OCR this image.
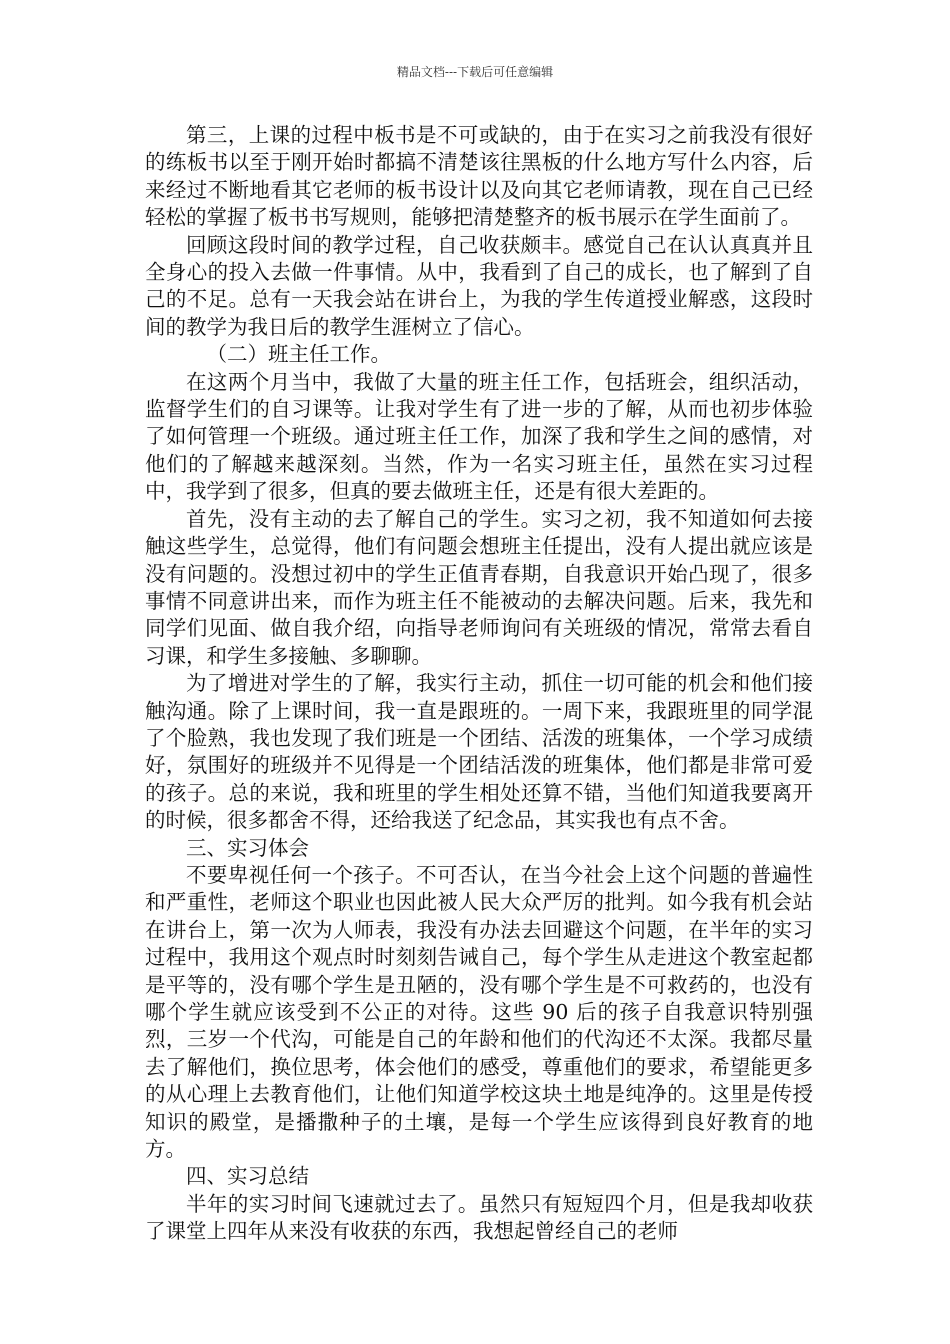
精品文档---下载后可任意编辑

第三，上课的过程中板书是不可或缺的，由于在实习之前我没有很好的练板书以至于刚开始时都搞不清楚该往黑板的什么地方写什么内容，后来经过不断地看其它老师的板书设计以及向其它老师请教，现在自己已经轻松的掌握了板书书写规则，能够把清楚整齐的板书展示在学生面前了。

回顾这段时间的教学过程，自己收获颇丰。感觉自己在认认真真并且全身心的投入去做一件事情。从中，我看到了自己的成长，也了解到了自己的不足。总有一天我会站在讲台上，为我的学生传道授业解惑，这段时间的教学为我日后的教学生涯树立了信心。

（二）班主任工作。

在这两个月当中，我做了大量的班主任工作，包括班会，组织活动，监督学生们的自习课等。让我对学生有了进一步的了解，从而也初步体验了如何管理一个班级。通过班主任工作，加深了我和学生之间的感情，对他们的了解越来越深刻。当然，作为一名实习班主任，虽然在实习过程中，我学到了很多，但真的要去做班主任，还是有很大差距的。

首先，没有主动的去了解自己的学生。实习之初，我不知道如何去接触这些学生，总觉得，他们有问题会想班主任提出，没有人提出就应该是没有问题的。没想过初中的学生正值青春期，自我意识开始凸现了，很多事情不同意讲出来，而作为班主任不能被动的去解决问题。后来，我先和同学们见面、做自我介绍，向指导老师询问有关班级的情况，常常去看自习课，和学生多接触、多聊聊。

为了增进对学生的了解，我实行主动，抓住一切可能的机会和他们接触沟通。除了上课时间，我一直是跟班的。一周下来，我跟班里的同学混了个脸熟，我也发现了我们班是一个团结、活泼的班集体，一个学习成绩好，氛围好的班级并不见得是一个团结活泼的班集体，他们都是非常可爱的孩子。总的来说，我和班里的学生相处还算不错，当他们知道我要离开的时候，很多都舍不得，还给我送了纪念品，其实我也有点不舍。

三、实习体会

不要卑视任何一个孩子。不可否认，在当今社会上这个问题的普遍性和严重性，老师这个职业也因此被人民大众严厉的批判。如今我有机会站在讲台上，第一次为人师表，我没有办法去回避这个问题，在半年的实习过程中，我用这个观点时时刻刻告诫自己，每个学生从走进这个教室起都是平等的，没有哪个学生是丑陋的，没有哪个学生是不可救药的，也没有哪个学生就应该受到不公正的对待。这些 90 后的孩子自我意识特别强烈，三岁一个代沟，可能是自己的年龄和他们的代沟还不太深。我都尽量去了解他们，换位思考，体会他们的感受，尊重他们的要求，希望能更多的从心理上去教育他们，让他们知道学校这块土地是纯净的。这里是传授知识的殿堂，是播撒种子的土壤，是每一个学生应该得到良好教育的地方。

四、实习总结

半年的实习时间飞速就过去了。虽然只有短短四个月，但是我却收获了课堂上四年从来没有收获的东西，我想起曾经自己的老师
